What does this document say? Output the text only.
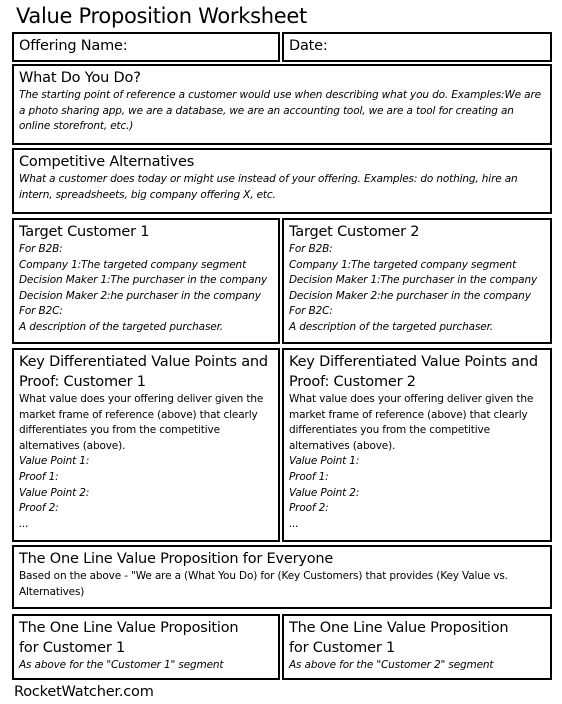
Value Proposition Worksheet
Offering Name:	Date:
What Do You Do?
The starting point of reference a customer would use when describing what you do. Examples:We are a photo sharing app, we are a database, we are an accounting tool, we are a tool for creating an online storefront, etc.)
Competitive Alternatives
What a customer does today or might use instead of your offering. Examples: do nothing, hire an intern, spreadsheets, big company offering X, etc.
Target Customer 1
For B2B:
Company 1:The targeted company segment
Decision Maker 1:The purchaser in the company
Decision Maker 2:he purchaser in the company
For B2C:
A description of the targeted purchaser.
Target Customer 2
For B2B:
Company 1:The targeted company segment
Decision Maker 1:The purchaser in the company
Decision Maker 2:he purchaser in the company
For B2C:
A description of the targeted purchaser.
Key Differentiated Value Points and
Proof: Customer 1
What value does your offering deliver given the
market frame of reference (above) that clearly
differentiates you from the competitive
alternatives (above).
Value Point 1:
Proof 1:
Value Point 2:
Proof 2:
...
Key Differentiated Value Points and
Proof: Customer 2
What value does your offering deliver given the
market frame of reference (above) that clearly
differentiates you from the competitive
alternatives (above).
Value Point 1:
Proof 1:
Value Point 2:
Proof 2:
...
The One Line Value Proposition for Everyone
Based on the above - "We are a (What You Do) for (Key Customers) that provides (Key Value vs. Alternatives)
The One Line Value Proposition
for Customer 1
As above for the "Customer 1" segment
The One Line Value Proposition
for Customer 1
As above for the "Customer 2" segment
RocketWatcher.com
